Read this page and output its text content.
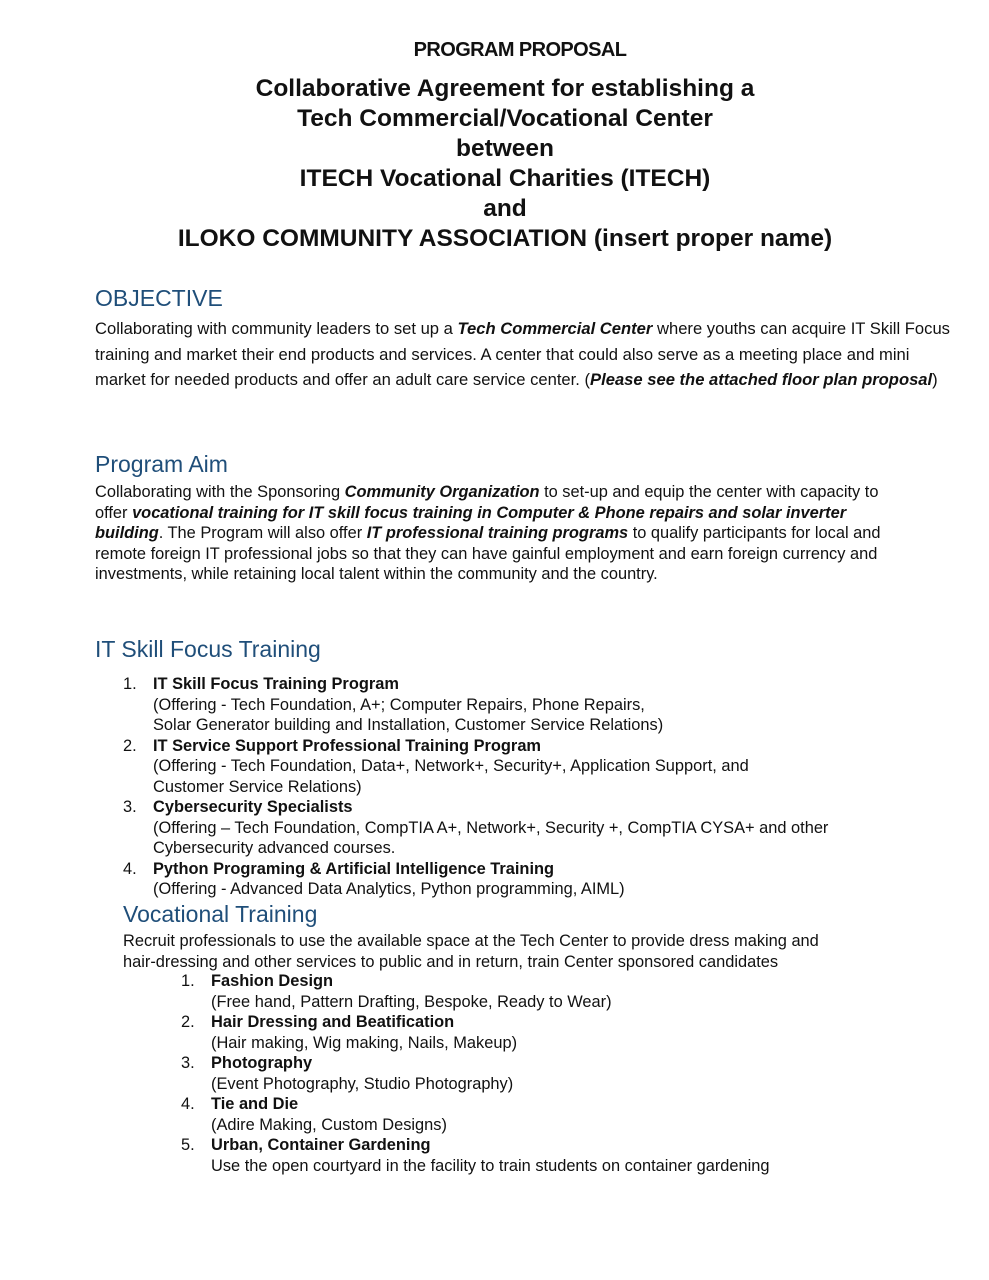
PROGRAM PROPOSAL
Collaborative Agreement for establishing a
Tech Commercial/Vocational Center
between
ITECH Vocational Charities (ITECH)
and
ILOKO COMMUNITY ASSOCIATION (insert proper name)
OBJECTIVE
Collaborating with community leaders to set up a Tech Commercial Center where youths can acquire IT Skill Focus training and market their end products and services. A center that could also serve as a meeting place and mini market for needed products and offer an adult care service center. (Please see the attached floor plan proposal)
Program Aim
Collaborating with the Sponsoring Community Organization to set-up and equip the center with capacity to offer vocational training for IT skill focus training in Computer & Phone repairs and solar inverter building. The Program will also offer IT professional training programs to qualify participants for local and remote foreign IT professional jobs so that they can have gainful employment and earn foreign currency and investments, while retaining local talent within the community and the country.
IT Skill Focus Training
1. IT Skill Focus Training Program
(Offering - Tech Foundation, A+; Computer Repairs, Phone Repairs,
Solar Generator building and Installation, Customer Service Relations)
2. IT Service Support Professional Training Program
(Offering - Tech Foundation, Data+, Network+, Security+, Application Support, and
Customer Service Relations)
3. Cybersecurity Specialists
(Offering – Tech Foundation, CompTIA A+, Network+, Security +, CompTIA CYSA+ and other
Cybersecurity advanced courses.
4. Python Programing & Artificial Intelligence Training
(Offering - Advanced Data Analytics, Python programming, AIML)
Vocational Training
Recruit professionals to use the available space at the Tech Center to provide dress making and
hair-dressing and other services to public and in return, train Center sponsored candidates
1. Fashion Design
(Free hand, Pattern Drafting, Bespoke, Ready to Wear)
2. Hair Dressing and Beatification
(Hair making, Wig making, Nails, Makeup)
3. Photography
(Event Photography, Studio Photography)
4. Tie and Die
(Adire Making, Custom Designs)
5. Urban, Container Gardening
Use the open courtyard in the facility to train students on container gardening
